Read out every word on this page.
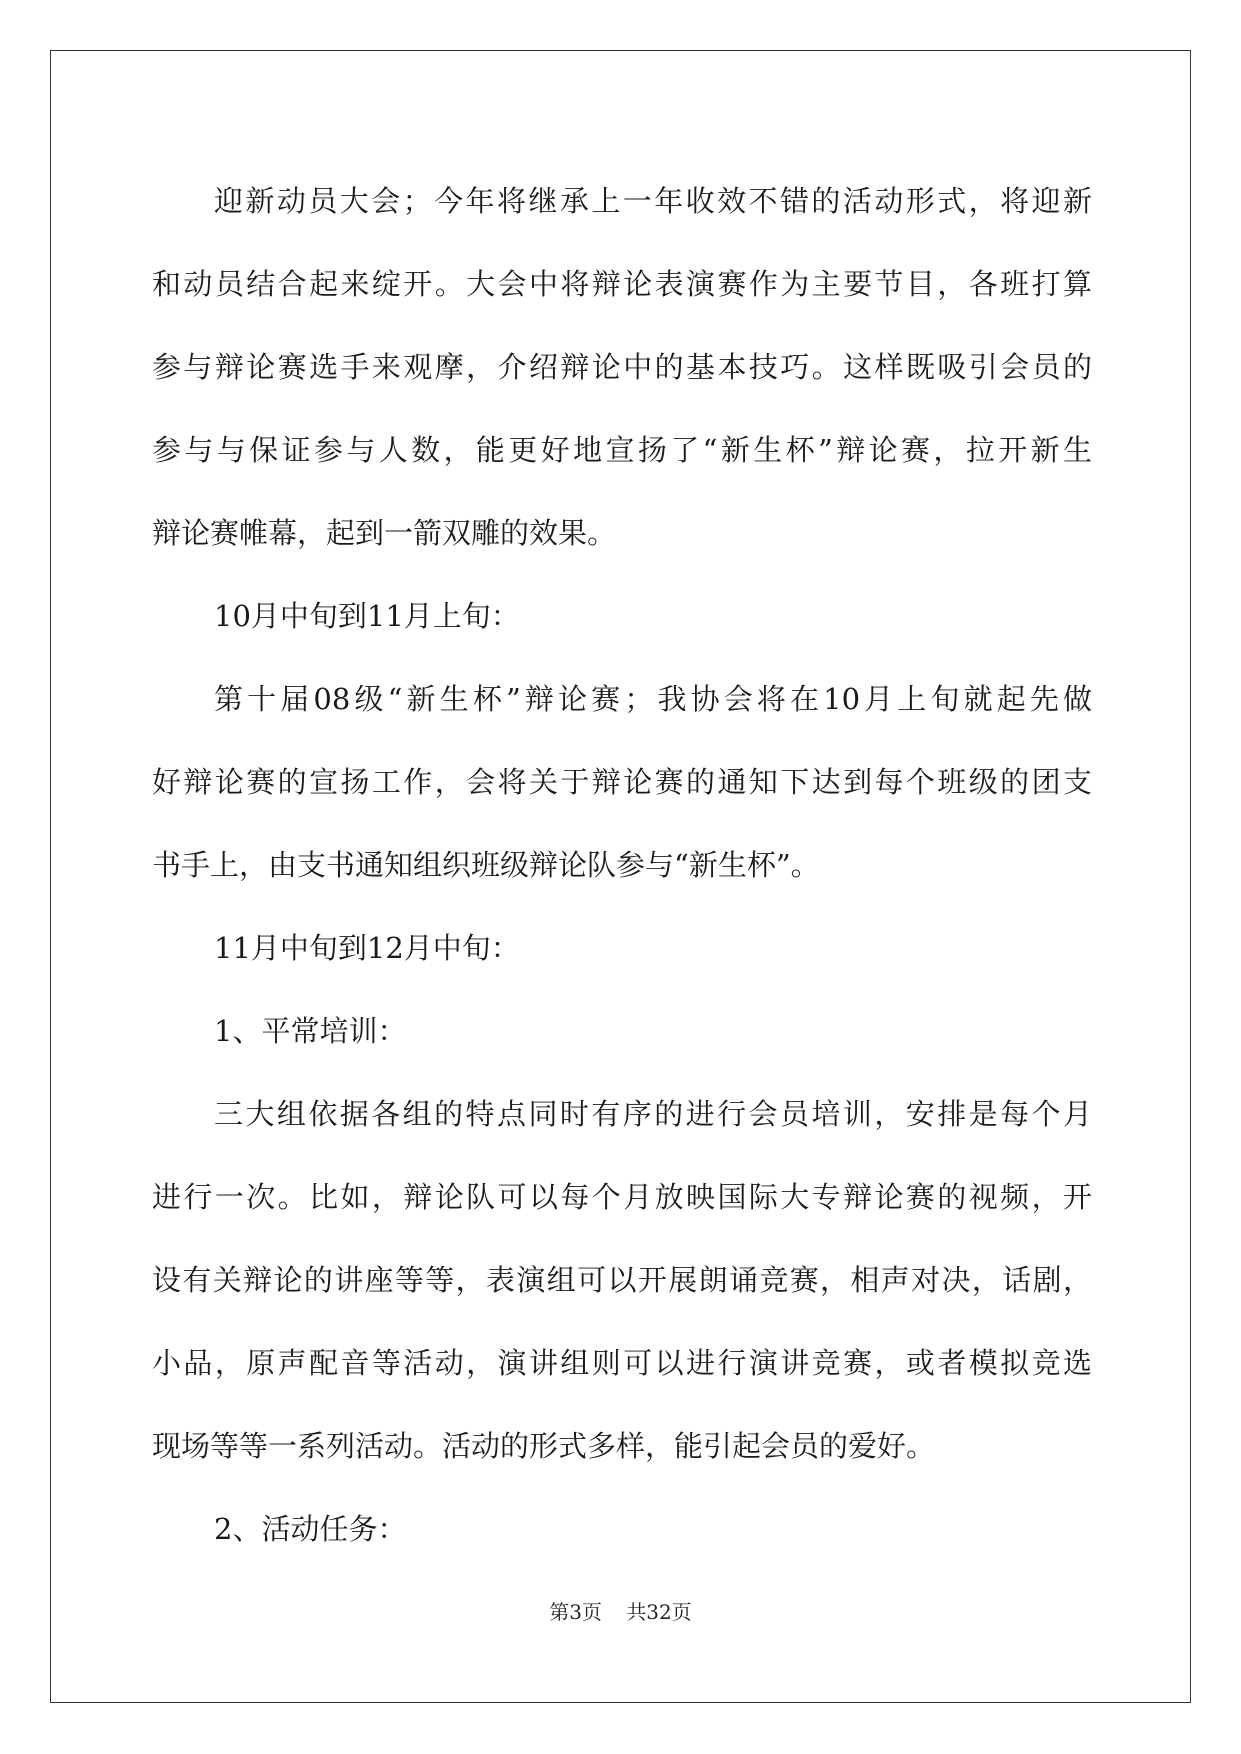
迎新动员大会；今年将继承上一年收效不错的活动形式，将迎新
和动员结合起来绽开。大会中将辩论表演赛作为主要节目，各班打算
参与辩论赛选手来观摩，介绍辩论中的基本技巧。这样既吸引会员的
参与与保证参与人数，能更好地宣扬了“新生杯”辩论赛，拉开新生
辩论赛帷幕，起到一箭双雕的效果。
10月中旬到11月上旬：
第十届08级“新生杯”辩论赛；我协会将在10月上旬就起先做
好辩论赛的宣扬工作，会将关于辩论赛的通知下达到每个班级的团支
书手上，由支书通知组织班级辩论队参与“新生杯”。
11月中旬到12月中旬：
1、平常培训：
三大组依据各组的特点同时有序的进行会员培训，安排是每个月
进行一次。比如，辩论队可以每个月放映国际大专辩论赛的视频，开
设有关辩论的讲座等等，表演组可以开展朗诵竞赛，相声对决，话剧，
小品，原声配音等活动，演讲组则可以进行演讲竞赛，或者模拟竞选
现场等等一系列活动。活动的形式多样，能引起会员的爱好。
2、活动任务：
第3页 共32页
